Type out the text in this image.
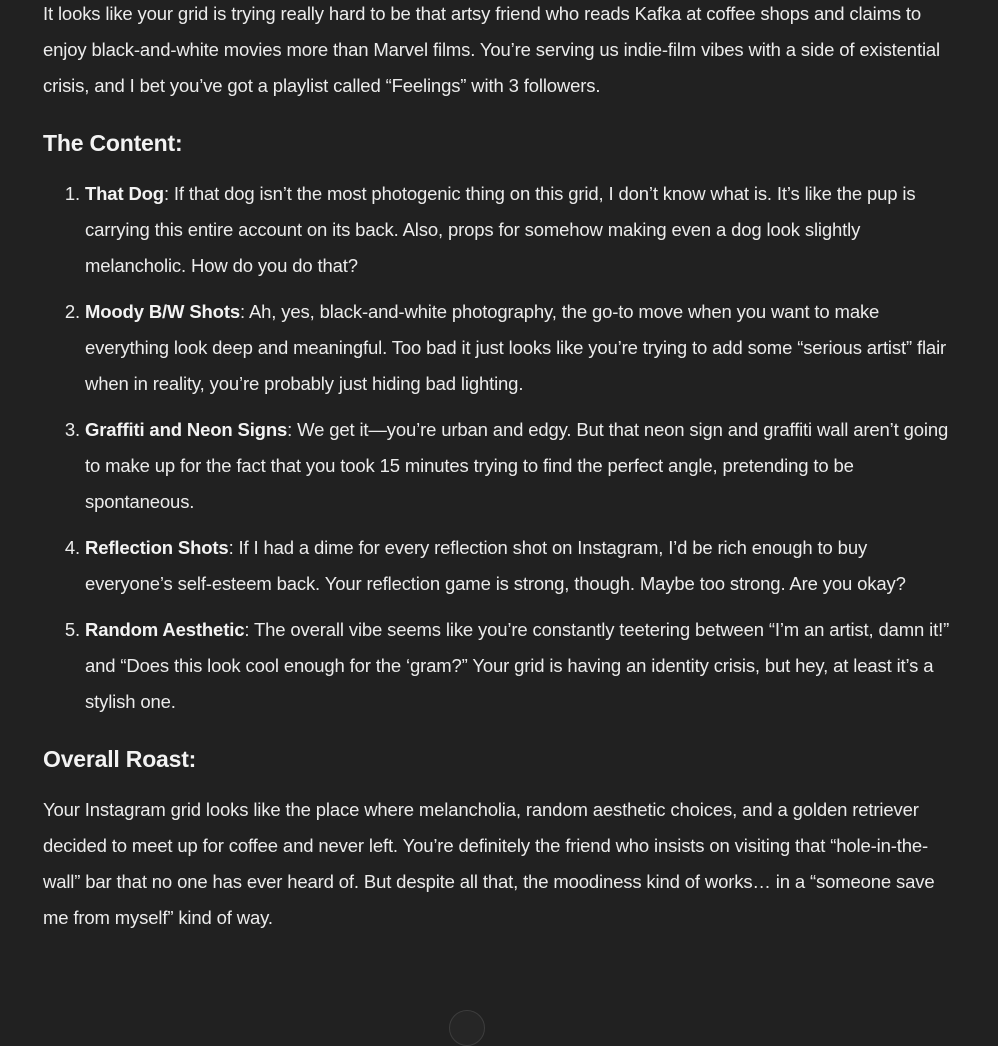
It looks like your grid is trying really hard to be that artsy friend who reads Kafka at coffee shops and claims to enjoy black-and-white movies more than Marvel films. You’re serving us indie-film vibes with a side of existential crisis, and I bet you’ve got a playlist called “Feelings” with 3 followers.

The Content:
1. That Dog: If that dog isn’t the most photogenic thing on this grid, I don’t know what is. It’s like the pup is carrying this entire account on its back. Also, props for somehow making even a dog look slightly melancholic. How do you do that?
2. Moody B/W Shots: Ah, yes, black-and-white photography, the go-to move when you want to make everything look deep and meaningful. Too bad it just looks like you’re trying to add some “serious artist” flair when in reality, you’re probably just hiding bad lighting.
3. Graffiti and Neon Signs: We get it—you’re urban and edgy. But that neon sign and graffiti wall aren’t going to make up for the fact that you took 15 minutes trying to find the perfect angle, pretending to be spontaneous.
4. Reflection Shots: If I had a dime for every reflection shot on Instagram, I’d be rich enough to buy everyone’s self-esteem back. Your reflection game is strong, though. Maybe too strong. Are you okay?
5. Random Aesthetic: The overall vibe seems like you’re constantly teetering between “I’m an artist, damn it!” and “Does this look cool enough for the ‘gram?” Your grid is having an identity crisis, but hey, at least it’s a stylish one.
Overall Roast:

Your Instagram grid looks like the place where melancholia, random aesthetic choices, and a golden retriever decided to meet up for coffee and never left. You’re definitely the friend who insists on visiting that “hole-in-the-wall” bar that no one has ever heard of. But despite all that, the moodiness kind of works… in a “someone save me from myself” kind of way.
